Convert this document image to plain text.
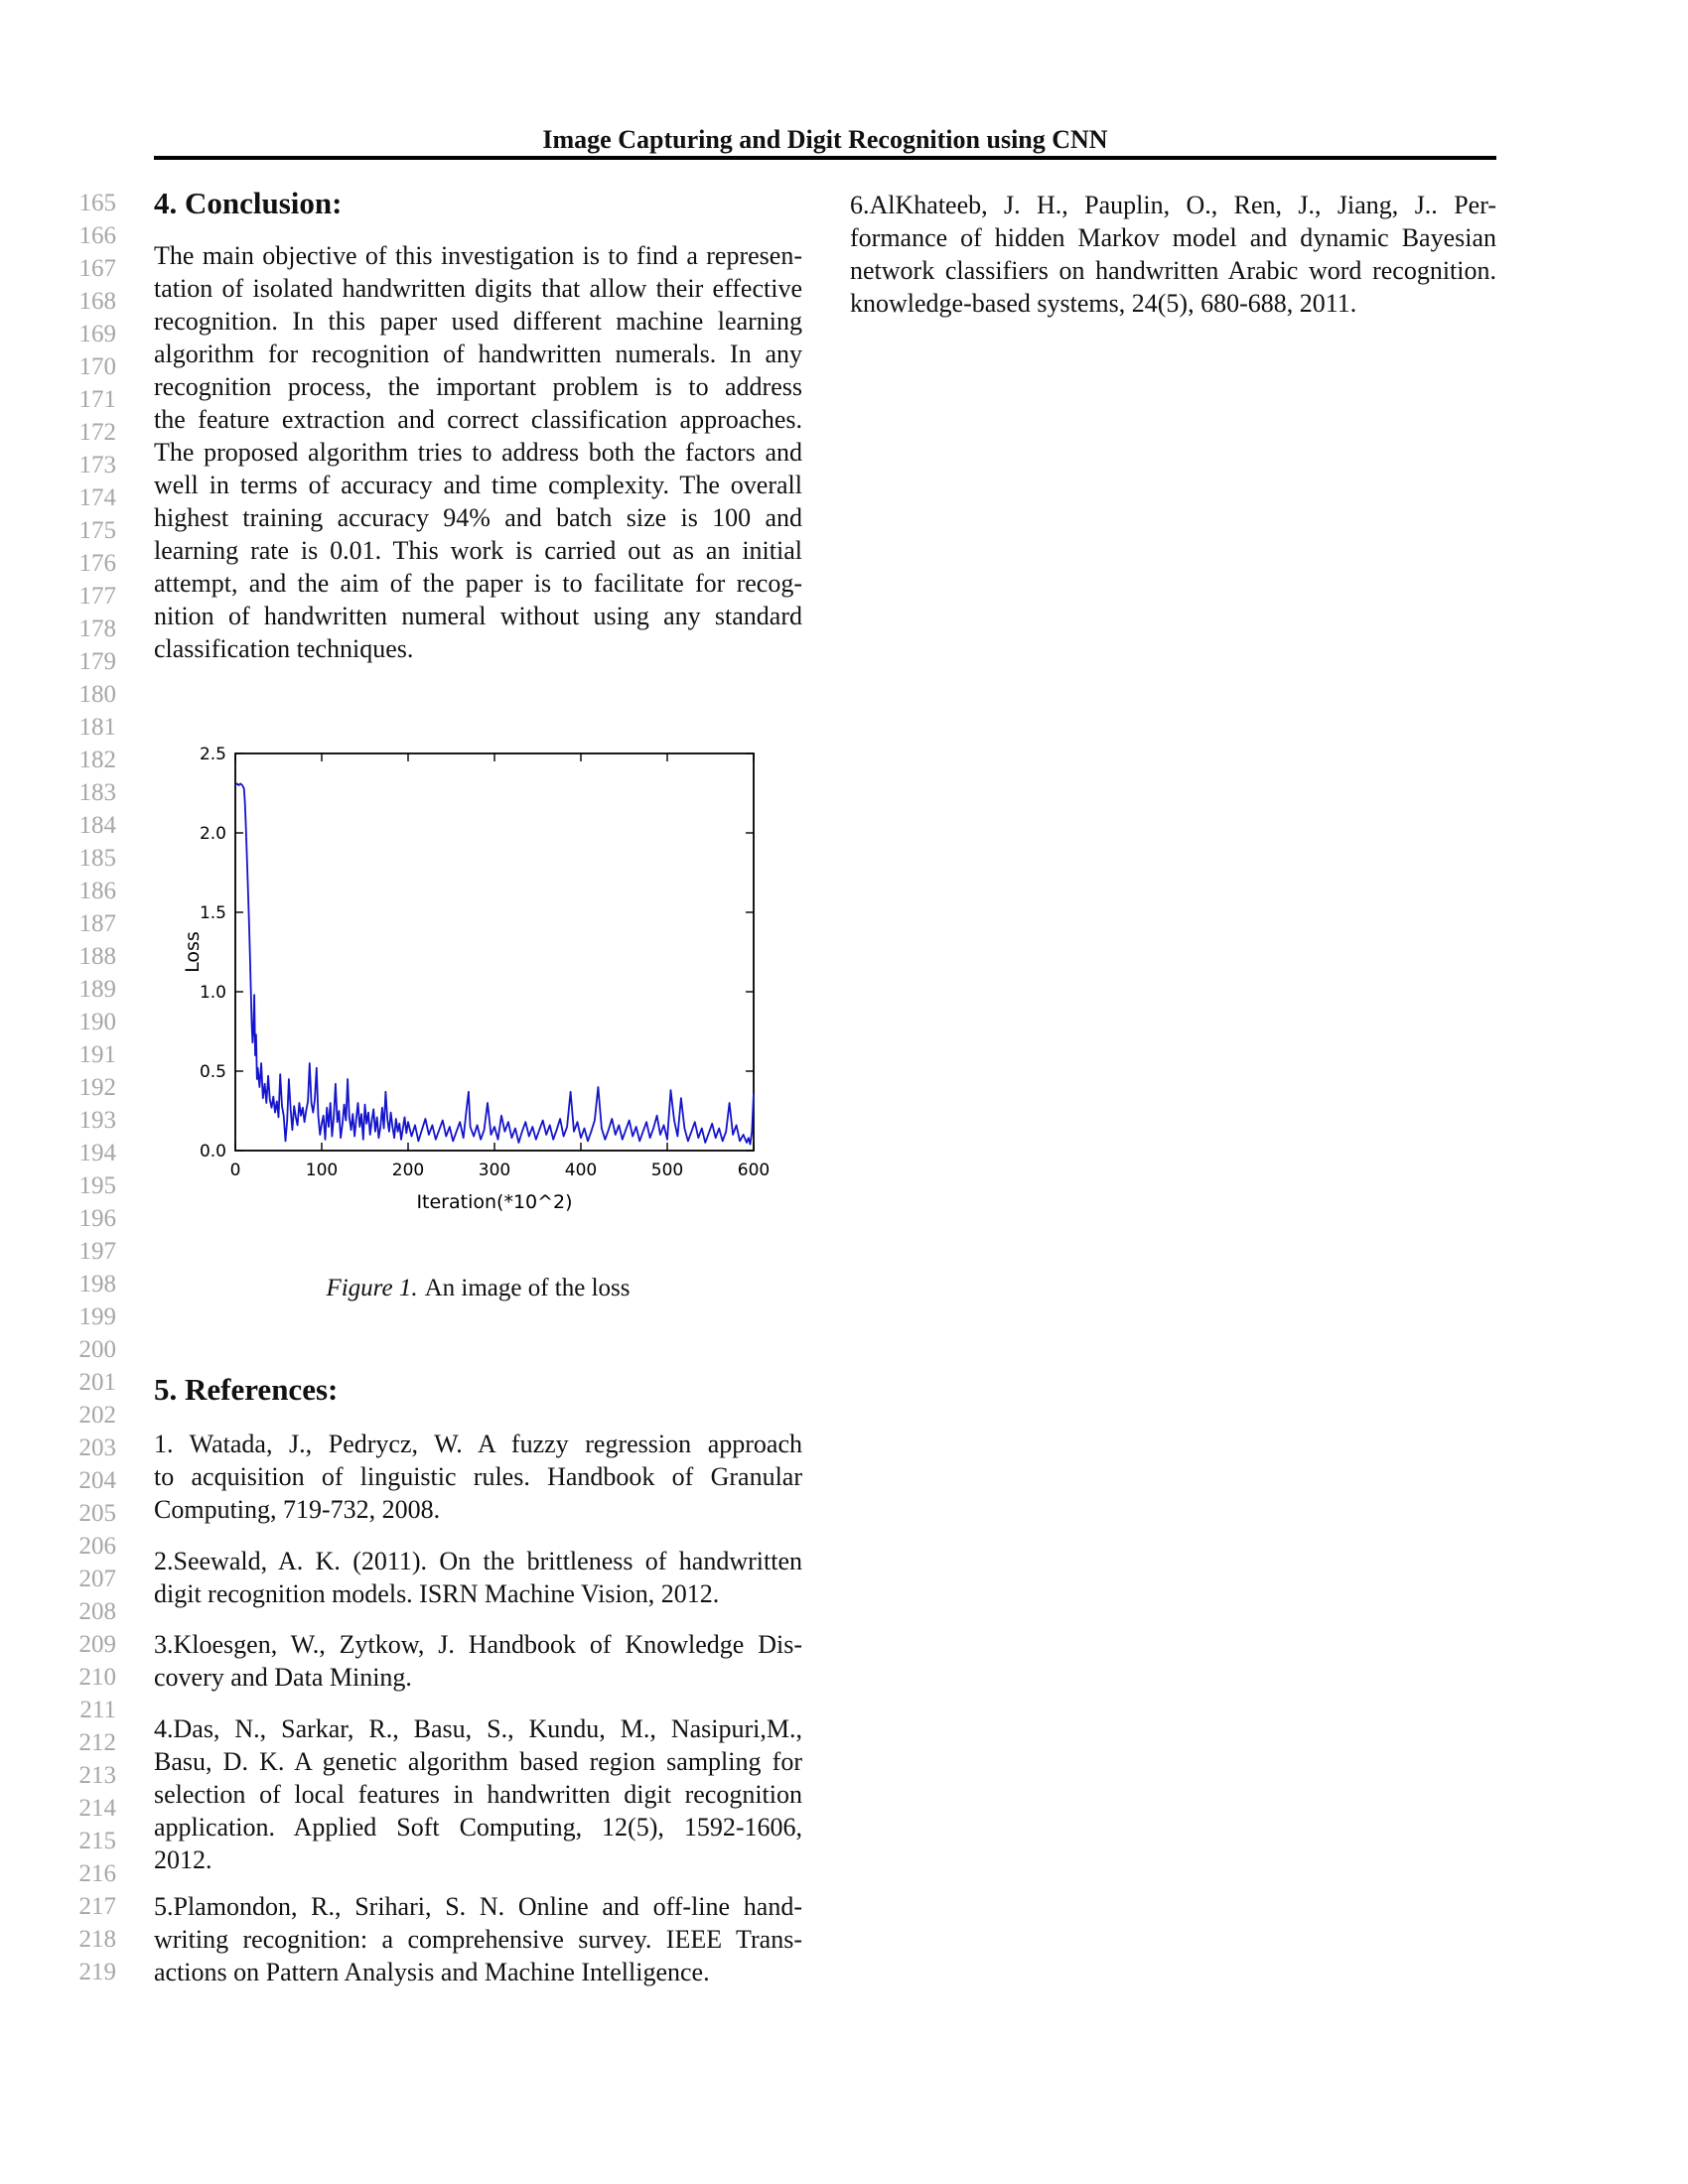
165
166
167
168
169
170
171
172
173
174
175
176
177
178
179
180
181
182
183
184
185
186
187
188
189
190
191
192
193
194
195
196
197
198
199
200
201
202
203
204
205
206
207
208
209
210
211
212
213
214
215
216
217
218
219
Image Capturing and Digit Recognition using CNN
4. Conclusion:
The main objective of this investigation is to find a represen-
tation of isolated handwritten digits that allow their effective
recognition. In this paper used different machine learning
algorithm for recognition of handwritten numerals. In any
recognition process, the important problem is to address
the feature extraction and correct classification approaches.
The proposed algorithm tries to address both the factors and
well in terms of accuracy and time complexity. The overall
highest training accuracy 94% and batch size is 100 and
learning rate is 0.01. This work is carried out as an initial
attempt, and the aim of the paper is to facilitate for recog-
nition of handwritten numeral without using any standard
classification techniques.
0	100	200	300	400	500	600
0.0
0.5
1.0
1.5
2.0
2.5
Iteration(*10^2)
Loss
Figure 1. An image of the loss
5. References:
1. Watada, J., Pedrycz, W. A fuzzy regression approach
to acquisition of linguistic rules. Handbook of Granular
Computing, 719-732, 2008.
2.Seewald, A. K. (2011). On the brittleness of handwritten
digit recognition models. ISRN Machine Vision, 2012.
3.Kloesgen, W., Zytkow, J. Handbook of Knowledge Dis-
covery and Data Mining.
4.Das, N., Sarkar, R., Basu, S., Kundu, M., Nasipuri,M.,
Basu, D. K. A genetic algorithm based region sampling for
selection of local features in handwritten digit recognition
application. Applied Soft Computing, 12(5), 1592-1606,
2012.
5.Plamondon, R., Srihari, S. N. Online and off-line hand-
writing recognition: a comprehensive survey. IEEE Trans-
actions on Pattern Analysis and Machine Intelligence.
6.AlKhateeb, J. H., Pauplin, O., Ren, J., Jiang, J.. Per-
formance of hidden Markov model and dynamic Bayesian
network classifiers on handwritten Arabic word recognition.
knowledge-based systems, 24(5), 680-688, 2011.
